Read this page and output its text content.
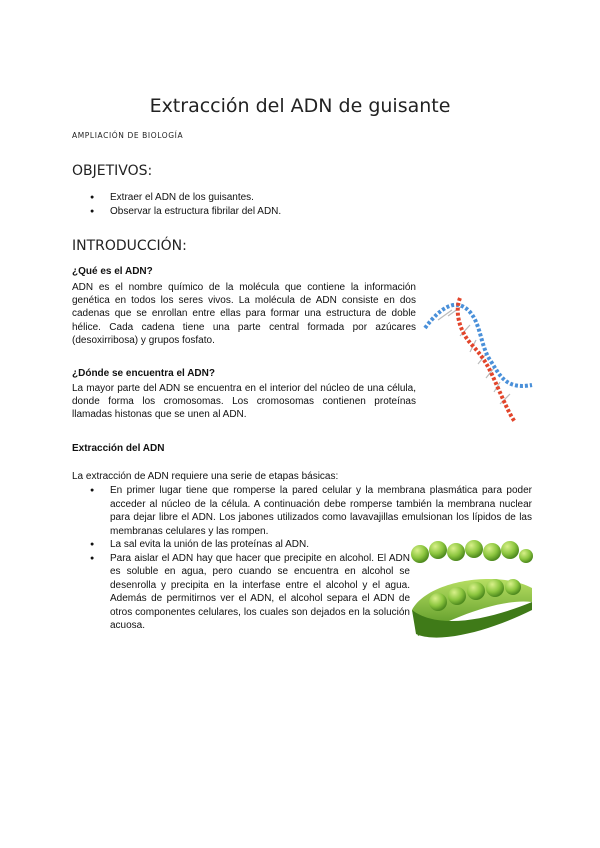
Extracción del ADN de guisante
AMPLIACIÓN DE BIOLOGÍA
OBJETIVOS:
● Extraer el ADN de los guisantes.
● Observar la estructura fibrilar del ADN.
INTRODUCCIÓN:
¿Qué es el ADN?

ADN es el nombre químico de la molécula que contiene la información genética en todos los seres vivos. La molécula de ADN consiste en dos cadenas que se enrollan entre ellas para formar una estructura de doble hélice. Cada cadena tiene una parte central formada por azúcares (desoxirribosa) y grupos fosfato.

¿Dónde se encuentra el ADN?

La mayor parte del ADN se encuentra en el interior del núcleo de una célula, donde forma los cromosomas. Los cromosomas contienen proteínas llamadas histonas que se unen al ADN.

Extracción del ADN

La extracción de ADN requiere una serie de etapas básicas:

● En primer lugar tiene que romperse la pared celular y la membrana plasmática para poder acceder al núcleo de la célula. A continuación debe romperse también la membrana nuclear para dejar libre el ADN. Los jabones utilizados como lavavajillas emulsionan los lípidos de las membranas celulares y las rompen.
● La sal evita la unión de las proteínas al ADN.
● Para aislar el ADN hay que hacer que precipite en alcohol. El ADN es soluble en agua, pero cuando se encuentra en alcohol se desenrolla y precipita en la interfase entre el alcohol y el agua. Además de permitirnos ver el ADN, el alcohol separa el ADN de otros componentes celulares, los cuales son dejados en la solución acuosa.
